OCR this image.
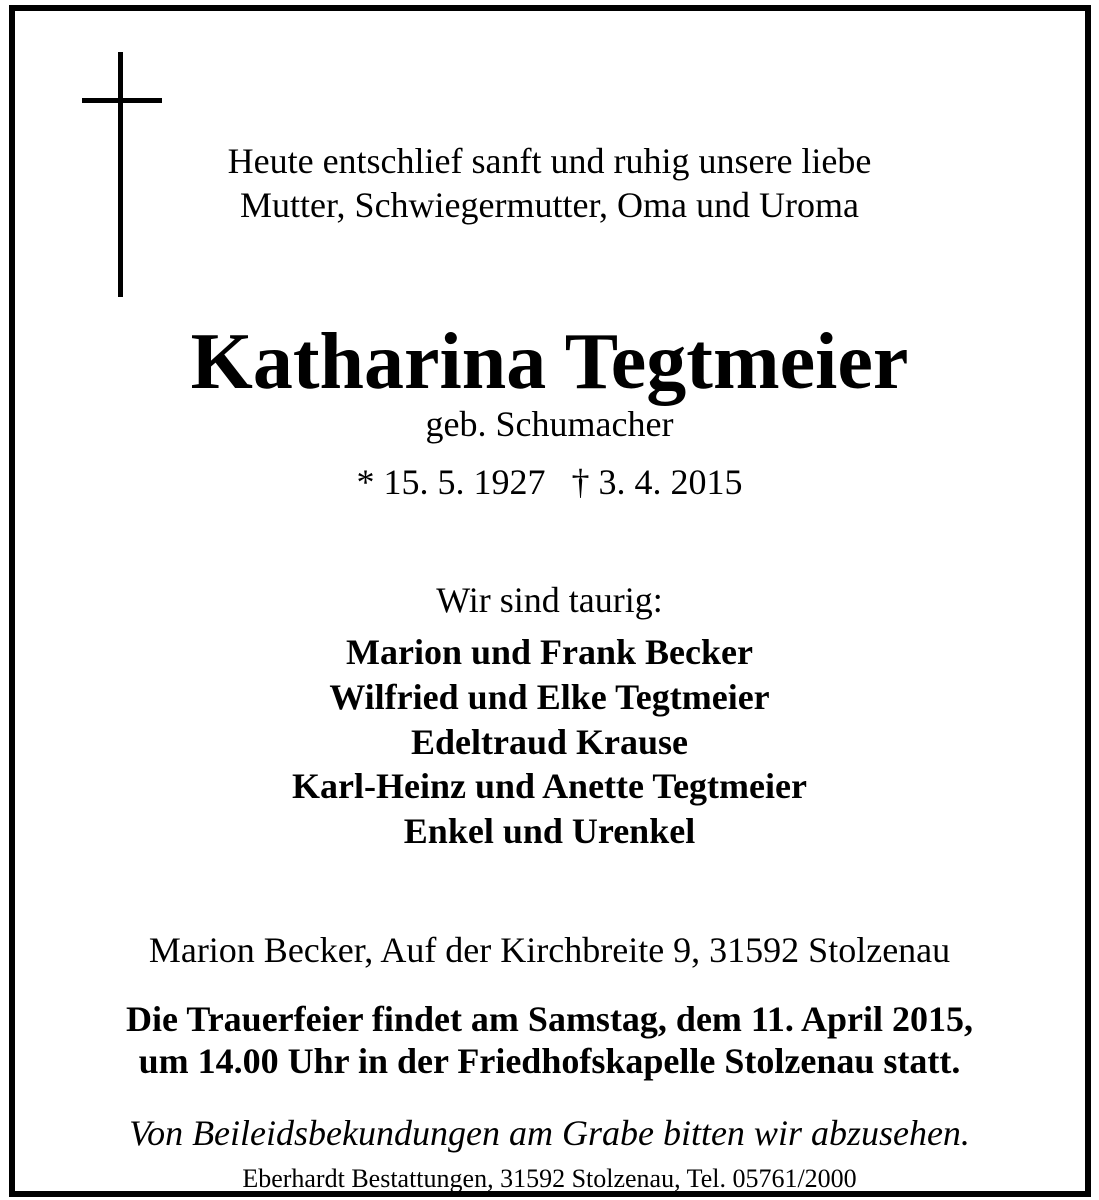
Heute entschlief sanft und ruhig unsere liebe
Mutter, Schwiegermutter, Oma und Uroma
Katharina Tegtmeier
geb. Schumacher
* 15. 5. 1927 † 3. 4. 2015
Wir sind taurig:
Marion und Frank Becker
Wilfried und Elke Tegtmeier
Edeltraud Krause
Karl-Heinz und Anette Tegtmeier
Enkel und Urenkel
Marion Becker, Auf der Kirchbreite 9, 31592 Stolzenau
Die Trauerfeier findet am Samstag, dem 11. April 2015,
um 14.00 Uhr in der Friedhofskapelle Stolzenau statt.
Von Beileidsbekundungen am Grabe bitten wir abzusehen.
Eberhardt Bestattungen, 31592 Stolzenau, Tel. 05761/2000
